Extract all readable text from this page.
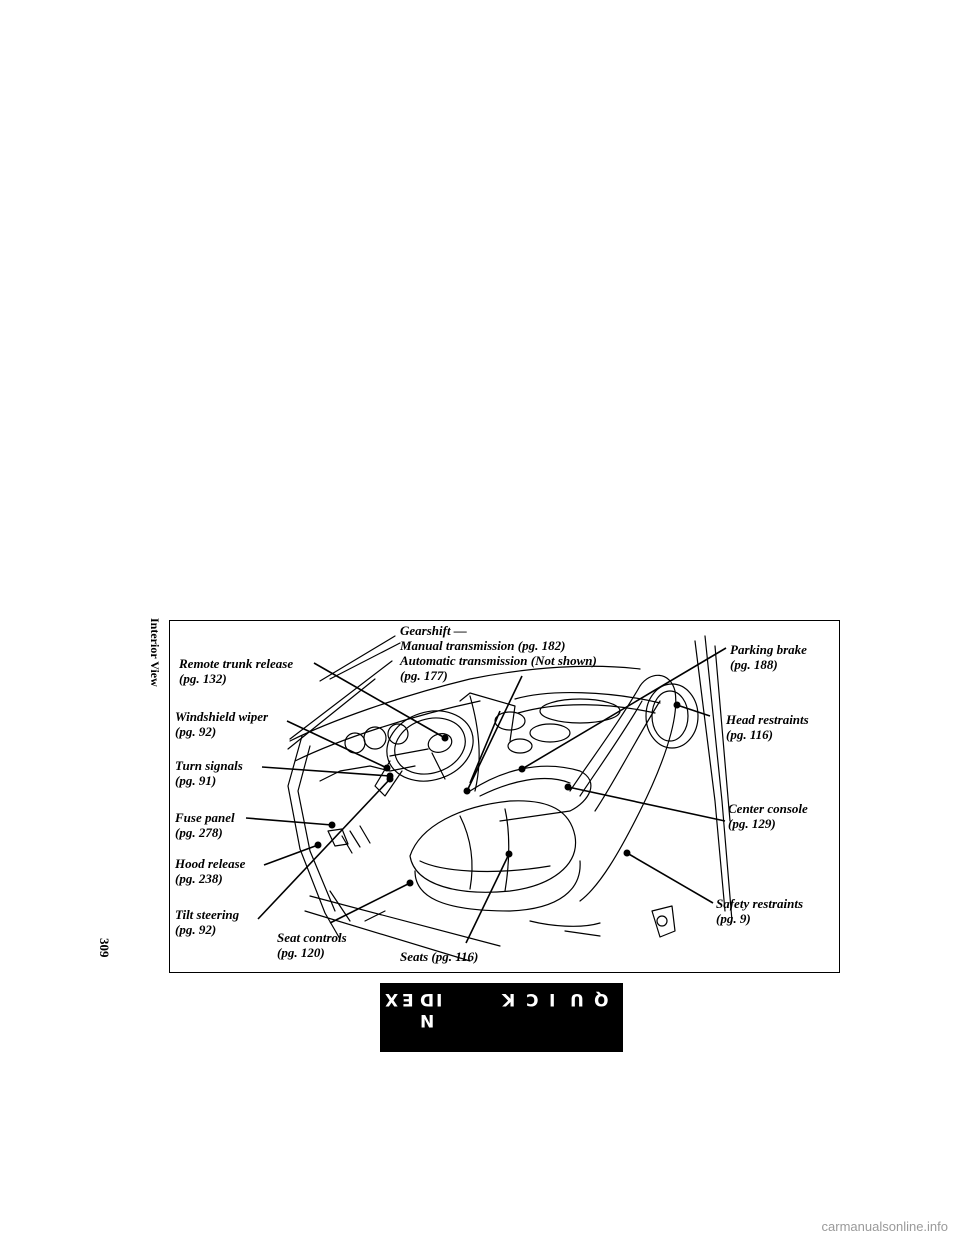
Interior View
309
Remote trunk release
(pg. 132)
Gearshift —
Manual transmission (pg. 182)
Automatic transmission (Not shown)
(pg. 177)
Parking brake
(pg. 188)
Windshield wiper
(pg. 92)
Head restraints
(pg. 116)
Turn signals
(pg. 91)
Center console
(pg. 129)
Fuse panel
(pg. 278)
Hood release
(pg. 238)
Safety restraints
(pg. 9)
Tilt steering
(pg. 92)
Seat controls
(pg. 120)	Seats (pg. 116)
Q
U
I
C
K
I
N
D
E
X
carmanualsonline.info
